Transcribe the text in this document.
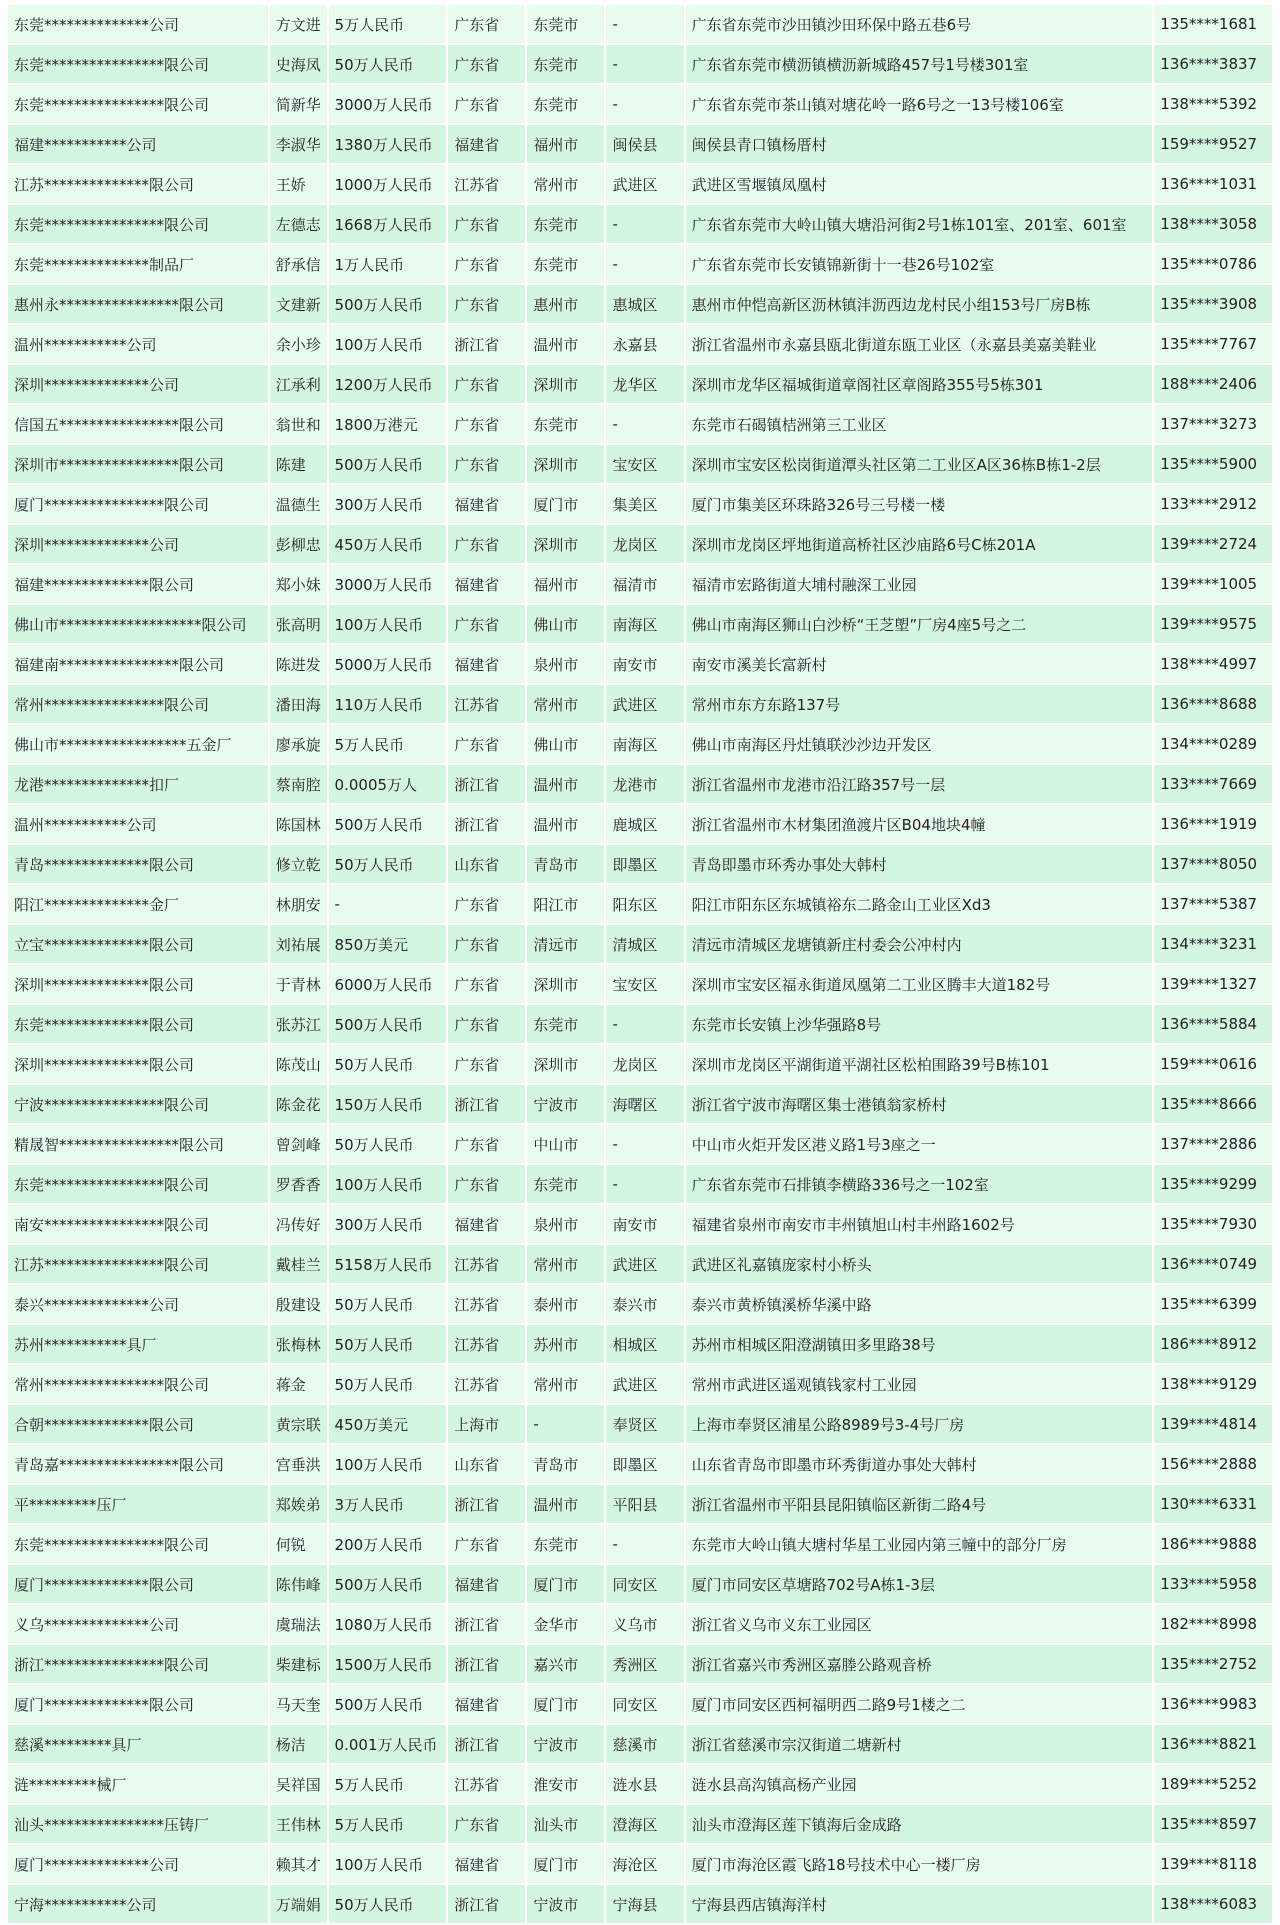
东莞**************公司	方文进	5万人民币	广东省	东莞市	-	广东省东莞市沙田镇沙田环保中路五巷6号	135****1681
东莞****************限公司	史海凤	50万人民币	广东省	东莞市	-	广东省东莞市横沥镇横沥新城路457号1号楼301室	136****3837
东莞****************限公司	简新华	3000万人民币	广东省	东莞市	-	广东省东莞市茶山镇对塘花岭一路6号之一13号楼106室	138****5392
福建***********公司	李淑华	1380万人民币	福建省	福州市	闽侯县	闽侯县青口镇杨厝村	159****9527
江苏**************限公司	王娇	1000万人民币	江苏省	常州市	武进区	武进区雪堰镇凤凰村	136****1031
东莞****************限公司	左德志	1668万人民币	广东省	东莞市	-	广东省东莞市大岭山镇大塘沿河街2号1栋101室、201室、601室	138****3058
东莞**************制品厂	舒承信	1万人民币	广东省	东莞市	-	广东省东莞市长安镇锦新街十一巷26号102室	135****0786
惠州永****************限公司	文建新	500万人民币	广东省	惠州市	惠城区	惠州市仲恺高新区沥林镇沣沥西边龙村民小组153号厂房B栋	135****3908
温州***********公司	余小珍	100万人民币	浙江省	温州市	永嘉县	浙江省温州市永嘉县瓯北街道东瓯工业区（永嘉县美嘉美鞋业	135****7767
深圳**************公司	江承利	1200万人民币	广东省	深圳市	龙华区	深圳市龙华区福城街道章阁社区章阁路355号5栋301	188****2406
信国五****************限公司	翁世和	1800万港元	广东省	东莞市	-	东莞市石碣镇桔洲第三工业区	137****3273
深圳市****************限公司	陈建	500万人民币	广东省	深圳市	宝安区	深圳市宝安区松岗街道潭头社区第二工业区A区36栋B栋1-2层	135****5900
厦门****************限公司	温德生	300万人民币	福建省	厦门市	集美区	厦门市集美区环珠路326号三号楼一楼	133****2912
深圳**************公司	彭柳忠	450万人民币	广东省	深圳市	龙岗区	深圳市龙岗区坪地街道高桥社区沙庙路6号C栋201A	139****2724
福建**************限公司	郑小妹	3000万人民币	福建省	福州市	福清市	福清市宏路街道大埔村融深工业园	139****1005
佛山市*******************限公司	张高明	100万人民币	广东省	佛山市	南海区	佛山市南海区狮山白沙桥“王芝塱”厂房4座5号之二	139****9575
福建南****************限公司	陈进发	5000万人民币	福建省	泉州市	南安市	南安市溪美长富新村	138****4997
常州****************限公司	潘田海	110万人民币	江苏省	常州市	武进区	常州市东方东路137号	136****8688
佛山市*****************五金厂	廖承旋	5万人民币	广东省	佛山市	南海区	佛山市南海区丹灶镇联沙沙边开发区	134****0289
龙港**************扣厂	蔡南腔	0.0005万人	浙江省	温州市	龙港市	浙江省温州市龙港市沿江路357号一层	133****7669
温州***********公司	陈国林	500万人民币	浙江省	温州市	鹿城区	浙江省温州市木材集团渔渡片区B04地块4幢	136****1919
青岛**************限公司	修立乾	50万人民币	山东省	青岛市	即墨区	青岛即墨市环秀办事处大韩村	137****8050
阳江**************金厂	林朋安	-	广东省	阳江市	阳东区	阳江市阳东区东城镇裕东二路金山工业区Xd3	137****5387
立宝**************限公司	刘祐展	850万美元	广东省	清远市	清城区	清远市清城区龙塘镇新庄村委会公冲村内	134****3231
深圳**************限公司	于青林	6000万人民币	广东省	深圳市	宝安区	深圳市宝安区福永街道凤凰第二工业区腾丰大道182号	139****1327
东莞**************限公司	张苏江	500万人民币	广东省	东莞市	-	东莞市长安镇上沙华强路8号	136****5884
深圳**************限公司	陈茂山	50万人民币	广东省	深圳市	龙岗区	深圳市龙岗区平湖街道平湖社区松柏围路39号B栋101	159****0616
宁波****************限公司	陈金花	150万人民币	浙江省	宁波市	海曙区	浙江省宁波市海曙区集士港镇翁家桥村	135****8666
精晟智****************限公司	曾剑峰	50万人民币	广东省	中山市	-	中山市火炬开发区港义路1号3座之一	137****2886
东莞****************限公司	罗香香	100万人民币	广东省	东莞市	-	广东省东莞市石排镇李横路336号之一102室	135****9299
南安****************限公司	冯传好	300万人民币	福建省	泉州市	南安市	福建省泉州市南安市丰州镇旭山村丰州路1602号	135****7930
江苏****************限公司	戴桂兰	5158万人民币	江苏省	常州市	武进区	武进区礼嘉镇庞家村小桥头	136****0749
泰兴**************公司	殷建设	50万人民币	江苏省	泰州市	泰兴市	泰兴市黄桥镇溪桥华溪中路	135****6399
苏州***********具厂	张梅林	50万人民币	江苏省	苏州市	相城区	苏州市相城区阳澄湖镇田多里路38号	186****8912
常州****************限公司	蒋金	50万人民币	江苏省	常州市	武进区	常州市武进区遥观镇钱家村工业园	138****9129
合朝**************限公司	黄宗联	450万美元	上海市	-	奉贤区	上海市奉贤区浦星公路8989号3-4号厂房	139****4814
青岛嘉****************限公司	宫垂洪	100万人民币	山东省	青岛市	即墨区	山东省青岛市即墨市环秀街道办事处大韩村	156****2888
平*********压厂	郑娭弟	3万人民币	浙江省	温州市	平阳县	浙江省温州市平阳县昆阳镇临区新街二路4号	130****6331
东莞****************限公司	何锐	200万人民币	广东省	东莞市	-	东莞市大岭山镇大塘村华星工业园内第三幢中的部分厂房	186****9888
厦门**************限公司	陈伟峰	500万人民币	福建省	厦门市	同安区	厦门市同安区草塘路702号A栋1-3层	133****5958
义乌**************公司	虞瑞法	1080万人民币	浙江省	金华市	义乌市	浙江省义乌市义东工业园区	182****8998
浙江****************限公司	柴建标	1500万人民币	浙江省	嘉兴市	秀洲区	浙江省嘉兴市秀洲区嘉塍公路观音桥	135****2752
厦门**************限公司	马天奎	500万人民币	福建省	厦门市	同安区	厦门市同安区西柯福明西二路9号1楼之二	136****9983
慈溪*********具厂	杨洁	0.001万人民币	浙江省	宁波市	慈溪市	浙江省慈溪市宗汉街道二塘新村	136****8821
涟*********械厂	吴祥国	5万人民币	江苏省	淮安市	涟水县	涟水县高沟镇高杨产业园	189****5252
汕头****************压铸厂	王伟林	5万人民币	广东省	汕头市	澄海区	汕头市澄海区莲下镇海后金成路	135****8597
厦门**************公司	赖其才	100万人民币	福建省	厦门市	海沧区	厦门市海沧区霞飞路18号技术中心一楼厂房	139****8118
宁海***********公司	万端娟	50万人民币	浙江省	宁波市	宁海县	宁海县西店镇海洋村	138****6083
